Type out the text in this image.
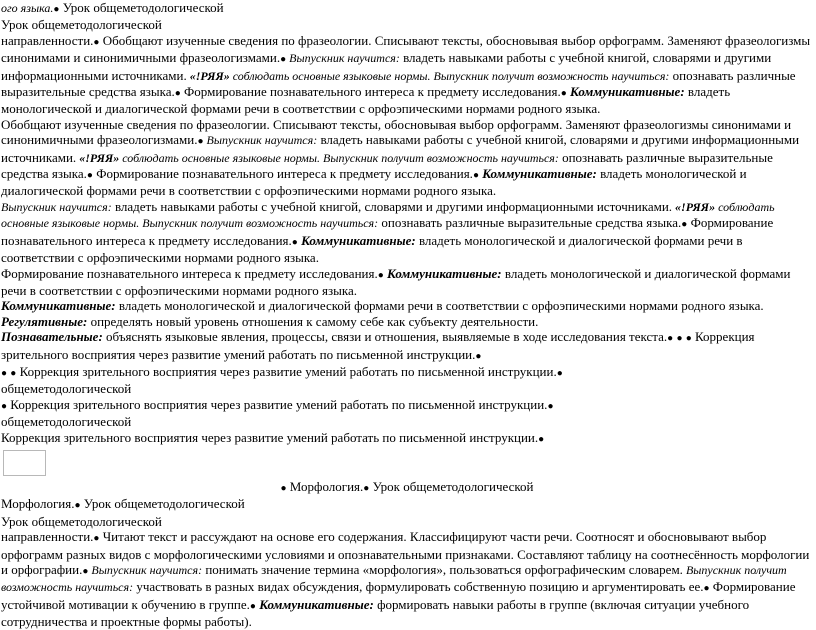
ого языка.● Урок общеметодологической

Урок общеметодологической

направленности.● Обобщают изученные сведения по фразеологии. Списывают тексты, обосновывая выбор орфограмм. Заменяют фразеологизмы синонимами и синонимичными фразеологизмами.● Выпускник научится: владеть навыками работы с учебной книгой, словарями и другими информационными источниками. «!РЯЯ» соблюдать основные языковые нормы. Выпускник получит возможность научиться: опознавать различные выразительные средства языка.● Формирование познавательного интереса к предмету исследования.● Коммуникативные: владеть монологической и диалогической формами речи в соответствии с орфоэпическими нормами родного языка.

Обобщают изученные сведения по фразеологии. Списывают тексты, обосновывая выбор орфограмм. Заменяют фразеологизмы синонимами и синонимичными фразеологизмами.● Выпускник научится: владеть навыками работы с учебной книгой, словарями и другими информационными источниками. «!РЯЯ» соблюдать основные языковые нормы. Выпускник получит возможность научиться: опознавать различные выразительные средства языка.● Формирование познавательного интереса к предмету исследования.● Коммуникативные: владеть монологической и диалогической формами речи в соответствии с орфоэпическими нормами родного языка.

Выпускник научится: владеть навыками работы с учебной книгой, словарями и другими информационными источниками. «!РЯЯ» соблюдать основные языковые нормы. Выпускник получит возможность научиться: опознавать различные выразительные средства языка.● Формирование познавательного интереса к предмету исследования.● Коммуникативные: владеть монологической и диалогической формами речи в соответствии с орфоэпическими нормами родного языка.

Формирование познавательного интереса к предмету исследования.● Коммуникативные: владеть монологической и диалогической формами речи в соответствии с орфоэпическими нормами родного языка.

Коммуникативные: владеть монологической и диалогической формами речи в соответствии с орфоэпическими нормами родного языка.

Регулятивные: определять новый уровень отношения к самому себе как субъекту деятельности.

Познавательные: объяснять языковые явления, процессы, связи и отношения, выявляемые в ходе исследования текста.● ● ● Коррекция зрительного восприятия через развитие умений работать по письменной инструкции.●

● ● Коррекция зрительного восприятия через развитие умений работать по письменной инструкции.●

общеметодологической

● Коррекция зрительного восприятия через развитие умений работать по письменной инструкции.●

общеметодологической

Коррекция зрительного восприятия через развитие умений работать по письменной инструкции.●

● Морфология.● Урок общеметодологической

Морфология.● Урок общеметодологической

Урок общеметодологической

направленности.● Читают текст и рассуждают на основе его содержания. Классифицируют части речи. Соотносят и обосновывают выбор орфограмм разных видов с морфологическими условиями и опознавательными признаками. Составляют таблицу на соотнесённость морфологии и орфографии.● Выпускник научится: понимать значение термина «морфология», пользоваться орфографическим словарем. Выпускник получит возможность научиться: участвовать в разных видах обсуждения, формулировать собственную позицию и аргументировать ее.● Формирование устойчивой мотивации к обучению в группе.● Коммуникативные: формировать навыки работы в группе (включая ситуации учебного сотрудничества и проектные формы работы).
